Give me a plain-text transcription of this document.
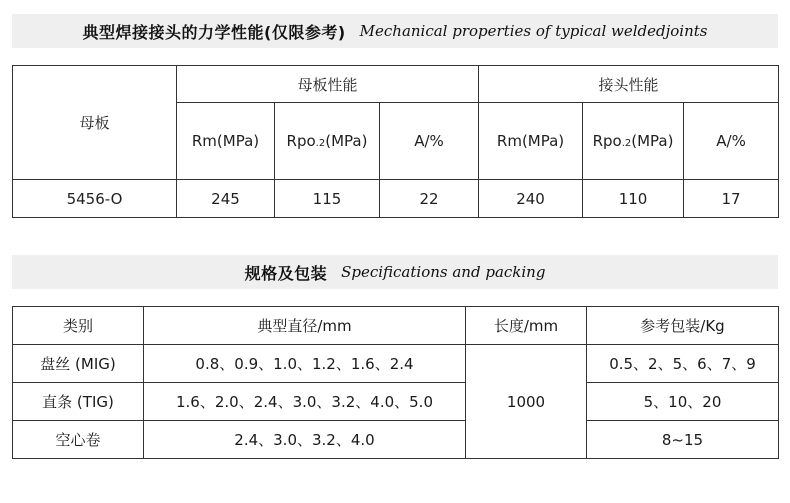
典型焊接接头的力学性能(仅限参考) Mechanical properties of typical weldedjoints
母板	母板性能			接头性能		
	Rm(MPa)	Rpo.2(MPa)	A/%	Rm(MPa)	Rpo.2(MPa)	A/%
5456-O	245	115	22	240	110	17
规格及包装 Specifications and packing
类别	典型直径/mm	长度/mm	参考包装/Kg
盘丝 (MIG)	0.8、0.9、1.0、1.2、1.6、2.4	1000	0.5、2、5、6、7、9
直条 (TIG)	1.6、2.0、2.4、3.0、3.2、4.0、5.0		5、10、20
空心卷	2.4、3.0、3.2、4.0		8~15
